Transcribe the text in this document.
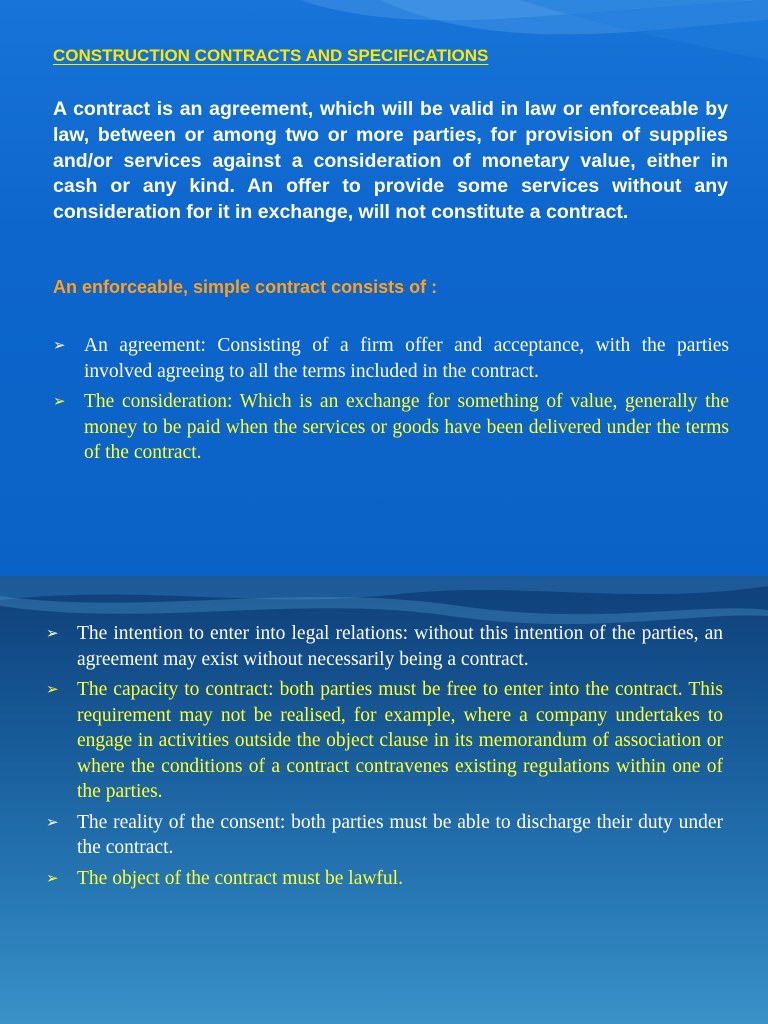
CONSTRUCTION CONTRACTS AND SPECIFICATIONS

A contract is an agreement, which will be valid in law or enforceable by law, between or among two or more parties, for provision of supplies and/or services against a consideration of monetary value, either in cash or any kind. An offer to provide some services without any consideration for it in exchange, will not constitute a contract.

An enforceable, simple contract consists of :
➢ An agreement: Consisting of a firm offer and acceptance, with the parties involved agreeing to all the terms included in the contract.
➢ The consideration: Which is an exchange for something of value, generally the money to be paid when the services or goods have been delivered under the terms of the contract.
➢ The intention to enter into legal relations: without this intention of the parties, an agreement may exist without necessarily being a contract.
➢ The capacity to contract: both parties must be free to enter into the contract. This requirement may not be realised, for example, where a company undertakes to engage in activities outside the object clause in its memorandum of association or where the conditions of a contract contravenes existing regulations within one of the parties.
➢ The reality of the consent: both parties must be able to discharge their duty under the contract.
➢ The object of the contract must be lawful.
